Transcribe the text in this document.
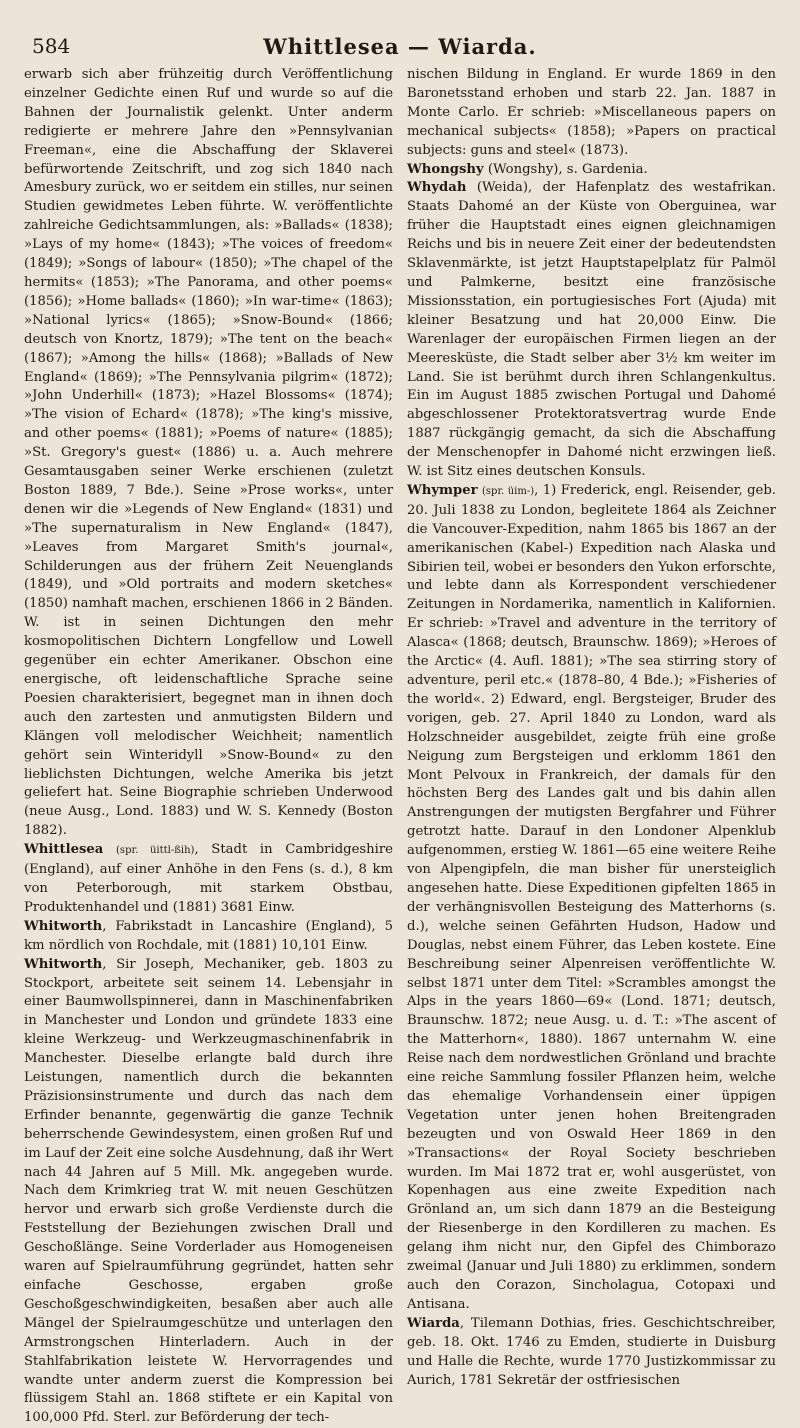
584	Whittlesea — Wiarda.

erwarb sich aber frühzeitig durch Veröffentlichung einzelner Gedichte einen Ruf und wurde so auf die Bahnen der Journalistik gelenkt. Unter anderm redigierte er mehrere Jahre den »Pennsylvanian Freeman«, eine die Abschaffung der Sklaverei befürwortende Zeitschrift, und zog sich 1840 nach Amesbury zurück, wo er seitdem ein stilles, nur seinen Studien gewidmetes Leben führte. W. veröffentlichte zahlreiche Gedichtsammlungen, als: »Ballads« (1838); »Lays of my home« (1843); »The voices of freedom« (1849); »Songs of labour« (1850); »The chapel of the hermits« (1853); »The Panorama, and other poems« (1856); »Home ballads« (1860); »In war-time« (1863); »National lyrics« (1865); »Snow-Bound« (1866; deutsch von Knortz, 1879); »The tent on the beach« (1867); »Among the hills« (1868); »Ballads of New England« (1869); »The Pennsylvania pilgrim« (1872); »John Underhill« (1873); »Hazel Blossoms« (1874); »The vision of Echard« (1878); »The king's missive, and other poems« (1881); »Poems of nature« (1885); »St. Gregory's guest« (1886) u. a. Auch mehrere Gesamtausgaben seiner Werke erschienen (zuletzt Boston 1889, 7 Bde.). Seine »Prose works«, unter denen wir die »Legends of New England« (1831) und »The supernaturalism in New England« (1847), »Leaves from Margaret Smith's journal«, Schilderungen aus der frühern Zeit Neuenglands (1849), und »Old portraits and modern sketches« (1850) namhaft machen, erschienen 1866 in 2 Bänden. W. ist in seinen Dichtungen den mehr kosmopolitischen Dichtern Longfellow und Lowell gegenüber ein echter Amerikaner. Obschon eine energische, oft leidenschaftliche Sprache seine Poesien charakterisiert, begegnet man in ihnen doch auch den zartesten und anmutigsten Bildern und Klängen voll melodischer Weichheit; namentlich gehört sein Winteridyll »Snow-Bound« zu den lieblichsten Dichtungen, welche Amerika bis jetzt geliefert hat. Seine Biographie schrieben Underwood (neue Ausg., Lond. 1883) und W. S. Kennedy (Boston 1882).

Whittlesea (spr. üittl-ßih), Stadt in Cambridgeshire (England), auf einer Anhöhe in den Fens (s. d.), 8 km von Peterborough, mit starkem Obstbau, Produktenhandel und (1881) 3681 Einw.

Whitworth, Fabrikstadt in Lancashire (England), 5 km nördlich von Rochdale, mit (1881) 10,101 Einw.

Whitworth, Sir Joseph, Mechaniker, geb. 1803 zu Stockport, arbeitete seit seinem 14. Lebensjahr in einer Baumwollspinnerei, dann in Maschinenfabriken in Manchester und London und gründete 1833 eine kleine Werkzeug- und Werkzeugmaschinenfabrik in Manchester. Dieselbe erlangte bald durch ihre Leistungen, namentlich durch die bekannten Präzisionsinstrumente und durch das nach dem Erfinder benannte, gegenwärtig die ganze Technik beherrschende Gewindesystem, einen großen Ruf und im Lauf der Zeit eine solche Ausdehnung, daß ihr Wert nach 44 Jahren auf 5 Mill. Mk. angegeben wurde. Nach dem Krimkrieg trat W. mit neuen Geschützen hervor und erwarb sich große Verdienste durch die Feststellung der Beziehungen zwischen Drall und Geschoßlänge. Seine Vorderlader aus Homogeneisen waren auf Spielraumführung gegründet, hatten sehr einfache Geschosse, ergaben große Geschoßgeschwindigkeiten, besaßen aber auch alle Mängel der Spielraumgeschütze und unterlagen den Armstrongschen Hinterladern. Auch in der Stahlfabrikation leistete W. Hervorragendes und wandte unter anderm zuerst die Kompression bei flüssigem Stahl an. 1868 stiftete er ein Kapital von 100,000 Pfd. Sterl. zur Beförderung der tech-

nischen Bildung in England. Er wurde 1869 in den Baronetsstand erhoben und starb 22. Jan. 1887 in Monte Carlo. Er schrieb: »Miscellaneous papers on mechanical subjects« (1858); »Papers on practical subjects: guns and steel« (1873).

Whongshy (Wongshy), s. Gardenia.

Whydah (Weida), der Hafenplatz des westafrikan. Staats Dahomé an der Küste von Oberguinea, war früher die Hauptstadt eines eignen gleichnamigen Reichs und bis in neuere Zeit einer der bedeutendsten Sklavenmärkte, ist jetzt Hauptstapelplatz für Palmöl und Palmkerne, besitzt eine französische Missionsstation, ein portugiesisches Fort (Ajuda) mit kleiner Besatzung und hat 20,000 Einw. Die Warenlager der europäischen Firmen liegen an der Meeresküste, die Stadt selber aber 3½ km weiter im Land. Sie ist berühmt durch ihren Schlangenkultus. Ein im August 1885 zwischen Portugal und Dahomé abgeschlossener Protektoratsvertrag wurde Ende 1887 rückgängig gemacht, da sich die Abschaffung der Menschenopfer in Dahomé nicht erzwingen ließ. W. ist Sitz eines deutschen Konsuls.

Whymper (spr. üim-), 1) Frederick, engl. Reisender, geb. 20. Juli 1838 zu London, begleitete 1864 als Zeichner die Vancouver-Expedition, nahm 1865 bis 1867 an der amerikanischen (Kabel-) Expedition nach Alaska und Sibirien teil, wobei er besonders den Yukon erforschte, und lebte dann als Korrespondent verschiedener Zeitungen in Nordamerika, namentlich in Kalifornien. Er schrieb: »Travel and adventure in the territory of Alasca« (1868; deutsch, Braunschw. 1869); »Heroes of the Arctic« (4. Aufl. 1881); »The sea stirring story of adventure, peril etc.« (1878–80, 4 Bde.); »Fisheries of the world«. 2) Edward, engl. Bergsteiger, Bruder des vorigen, geb. 27. April 1840 zu London, ward als Holzschneider ausgebildet, zeigte früh eine große Neigung zum Bergsteigen und erklomm 1861 den Mont Pelvoux in Frankreich, der damals für den höchsten Berg des Landes galt und bis dahin allen Anstrengungen der mutigsten Bergfahrer und Führer getrotzt hatte. Darauf in den Londoner Alpenklub aufgenommen, erstieg W. 1861—65 eine weitere Reihe von Alpengipfeln, die man bisher für unersteiglich angesehen hatte. Diese Expeditionen gipfelten 1865 in der verhängnisvollen Besteigung des Matterhorns (s. d.), welche seinen Gefährten Hudson, Hadow und Douglas, nebst einem Führer, das Leben kostete. Eine Beschreibung seiner Alpenreisen veröffentlichte W. selbst 1871 unter dem Titel: »Scrambles amongst the Alps in the years 1860—69« (Lond. 1871; deutsch, Braunschw. 1872; neue Ausg. u. d. T.: »The ascent of the Matterhorn«, 1880). 1867 unternahm W. eine Reise nach dem nordwestlichen Grönland und brachte eine reiche Sammlung fossiler Pflanzen heim, welche das ehemalige Vorhandensein einer üppigen Vegetation unter jenen hohen Breitengraden bezeugten und von Oswald Heer 1869 in den »Transactions« der Royal Society beschrieben wurden. Im Mai 1872 trat er, wohl ausgerüstet, von Kopenhagen aus eine zweite Expedition nach Grönland an, um sich dann 1879 an die Besteigung der Riesenberge in den Kordilleren zu machen. Es gelang ihm nicht nur, den Gipfel des Chimborazo zweimal (Januar und Juli 1880) zu erklimmen, sondern auch den Corazon, Sincholagua, Cotopaxi und Antisana.

Wiarda, Tilemann Dothias, fries. Geschichtschreiber, geb. 18. Okt. 1746 zu Emden, studierte in Duisburg und Halle die Rechte, wurde 1770 Justizkommissar zu Aurich, 1781 Sekretär der ostfriesischen
